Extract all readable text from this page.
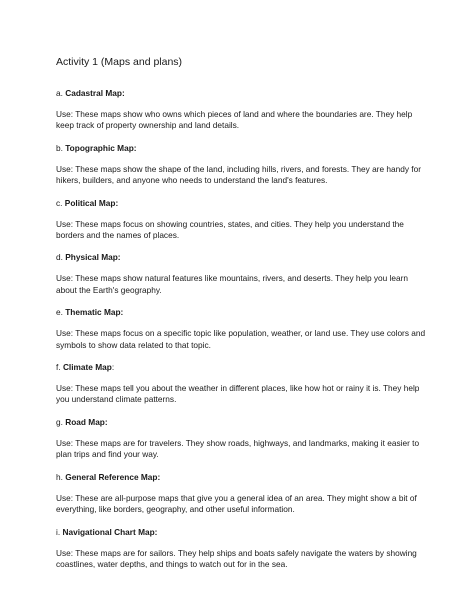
Activity 1 (Maps and plans)
a. Cadastral Map:
Use: These maps show who owns which pieces of land and where the boundaries are. They help keep track of property ownership and land details.
b. Topographic Map:
Use: These maps show the shape of the land, including hills, rivers, and forests. They are handy for hikers, builders, and anyone who needs to understand the land's features.
c. Political Map:
Use: These maps focus on showing countries, states, and cities. They help you understand the borders and the names of places.
d. Physical Map:
Use: These maps show natural features like mountains, rivers, and deserts. They help you learn about the Earth's geography.
e. Thematic Map:
Use: These maps focus on a specific topic like population, weather, or land use. They use colors and symbols to show data related to that topic.
f. Climate Map:
Use: These maps tell you about the weather in different places, like how hot or rainy it is. They help you understand climate patterns.
g. Road Map:
Use: These maps are for travelers. They show roads, highways, and landmarks, making it easier to plan trips and find your way.
h. General Reference Map:
Use: These are all-purpose maps that give you a general idea of an area. They might show a bit of everything, like borders, geography, and other useful information.
i. Navigational Chart Map:
Use: These maps are for sailors. They help ships and boats safely navigate the waters by showing coastlines, water depths, and things to watch out for in the sea.
